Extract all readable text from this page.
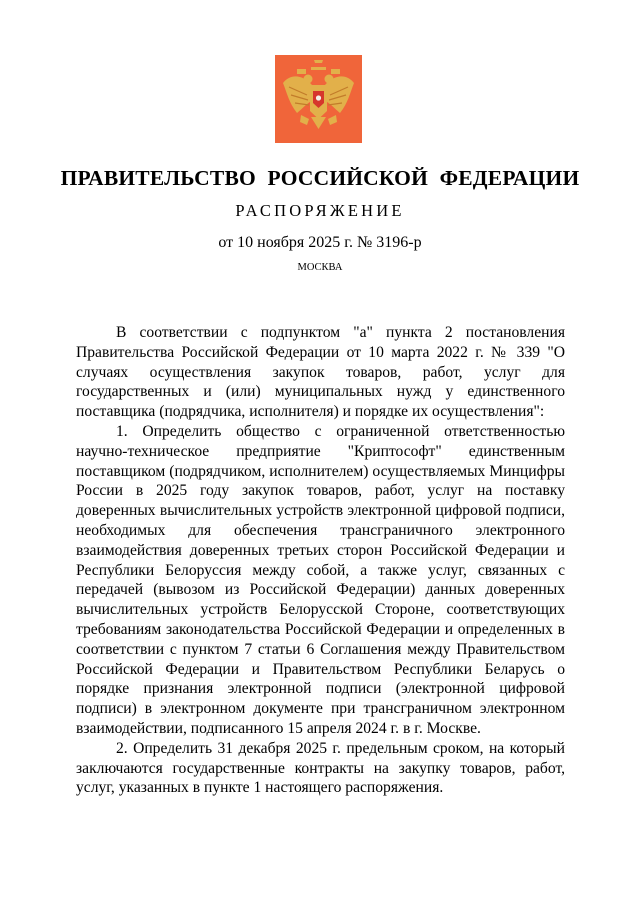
ПРАВИТЕЛЬСТВО РОССИЙСКОЙ ФЕДЕРАЦИИ
РАСПОРЯЖЕНИЕ
от 10 ноября 2025 г. № 3196-р
МОСКВА

В соответствии с подпунктом "а" пункта 2 постановления Правительства Российской Федерации от 10 марта 2022 г. № 339 "О случаях осуществления закупок товаров, работ, услуг для государственных и (или) муниципальных нужд у единственного поставщика (подрядчика, исполнителя) и порядке их осуществления":

1. Определить общество с ограниченной ответственностью научно-техническое предприятие "Криптософт" единственным поставщиком (подрядчиком, исполнителем) осуществляемых Минцифры России в 2025 году закупок товаров, работ, услуг на поставку доверенных вычислительных устройств электронной цифровой подписи, необходимых для обеспечения трансграничного электронного взаимодействия доверенных третьих сторон Российской Федерации и Республики Белоруссия между собой, а также услуг, связанных с передачей (вывозом из Российской Федерации) данных доверенных вычислительных устройств Белорусской Стороне, соответствующих требованиям законодательства Российской Федерации и определенных в соответствии с пунктом 7 статьи 6 Соглашения между Правительством Российской Федерации и Правительством Республики Беларусь о порядке признания электронной подписи (электронной цифровой подписи) в электронном документе при трансграничном электронном взаимодействии, подписанного 15 апреля 2024 г. в г. Москве.

2. Определить 31 декабря 2025 г. предельным сроком, на который заключаются государственные контракты на закупку товаров, работ, услуг, указанных в пункте 1 настоящего распоряжения.
